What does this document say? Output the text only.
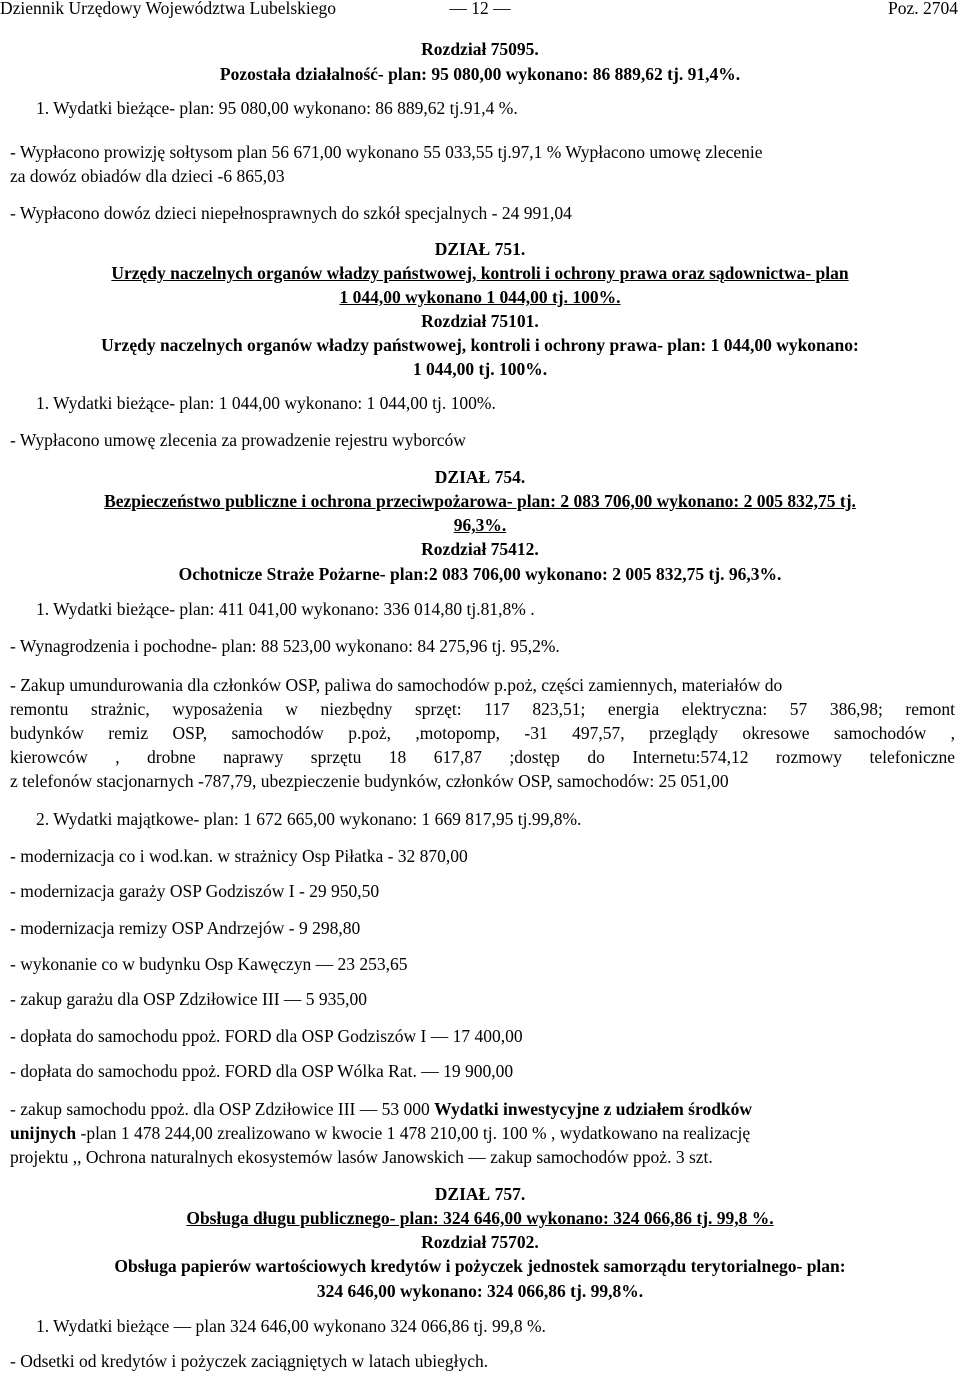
Dziennik Urzędowy Województwa Lubelskiego	— 12 —	Poz. 2704
Rozdział 75095.
Pozostała działalność- plan: 95 080,00 wykonano: 86 889,62 tj. 91,4%.
1. Wydatki bieżące- plan: 95 080,00 wykonano: 86 889,62 tj.91,4 %.
- Wypłacono prowizję sołtysom plan 56 671,00 wykonano 55 033,55 tj.97,1 % Wypłacono umowę zlecenie
za dowóz obiadów dla dzieci -6 865,03
- Wypłacono dowóz dzieci niepełnosprawnych do szkół specjalnych - 24 991,04
DZIAŁ 751.
Urzędy naczelnych organów władzy państwowej, kontroli i ochrony prawa oraz sądownictwa- plan
1 044,00 wykonano 1 044,00 tj. 100%.
Rozdział 75101.
Urzędy naczelnych organów władzy państwowej, kontroli i ochrony prawa- plan: 1 044,00 wykonano:
1 044,00 tj. 100%.
1. Wydatki bieżące- plan: 1 044,00 wykonano: 1 044,00 tj. 100%.
- Wypłacono umowę zlecenia za prowadzenie rejestru wyborców
DZIAŁ 754.
Bezpieczeństwo publiczne i ochrona przeciwpożarowa- plan: 2 083 706,00 wykonano: 2 005 832,75 tj.
96,3%.
Rozdział 75412.
Ochotnicze Straże Pożarne- plan:2 083 706,00 wykonano: 2 005 832,75 tj. 96,3%.
1. Wydatki bieżące- plan: 411 041,00 wykonano: 336 014,80 tj.81,8% .
- Wynagrodzenia i pochodne- plan: 88 523,00 wykonano: 84 275,96 tj. 95,2%.
- Zakup umundurowania dla członków OSP, paliwa do samochodów p.poż, części zamiennych, materiałów do
remontu strażnic, wyposażenia w niezbędny sprzęt: 117 823,51; energia elektryczna: 57 386,98; remont
budynków remiz OSP, samochodów p.poż, ,motopomp, -31 497,57, przeglądy okresowe samochodów ,
kierowców , drobne naprawy sprzętu 18 617,87 ;dostęp do Internetu:574,12 rozmowy telefoniczne
z telefonów stacjonarnych -787,79, ubezpieczenie budynków, członków OSP, samochodów: 25 051,00
2. Wydatki majątkowe- plan: 1 672 665,00 wykonano: 1 669 817,95 tj.99,8%.
- modernizacja co i wod.kan. w strażnicy Osp Piłatka - 32 870,00
- modernizacja garaży OSP Godziszów I - 29 950,50
- modernizacja remizy OSP Andrzejów - 9 298,80
- wykonanie co w budynku Osp Kawęczyn — 23 253,65
- zakup garażu dla OSP Zdziłowice III — 5 935,00
- dopłata do samochodu ppoż. FORD dla OSP Godziszów I — 17 400,00
- dopłata do samochodu ppoż. FORD dla OSP Wólka Rat. — 19 900,00
- zakup samochodu ppoż. dla OSP Zdziłowice III — 53 000 Wydatki inwestycyjne z udziałem środków
unijnych -plan 1 478 244,00 zrealizowano w kwocie 1 478 210,00 tj. 100 % , wydatkowano na realizację
projektu ,, Ochrona naturalnych ekosystemów lasów Janowskich — zakup samochodów ppoż. 3 szt.
DZIAŁ 757.
Obsługa długu publicznego- plan: 324 646,00 wykonano: 324 066,86 tj. 99,8 %.
Rozdział 75702.
Obsługa papierów wartościowych kredytów i pożyczek jednostek samorządu terytorialnego- plan:
324 646,00 wykonano: 324 066,86 tj. 99,8%.
1. Wydatki bieżące — plan 324 646,00 wykonano 324 066,86 tj. 99,8 %.
- Odsetki od kredytów i pożyczek zaciągniętych w latach ubiegłych.
